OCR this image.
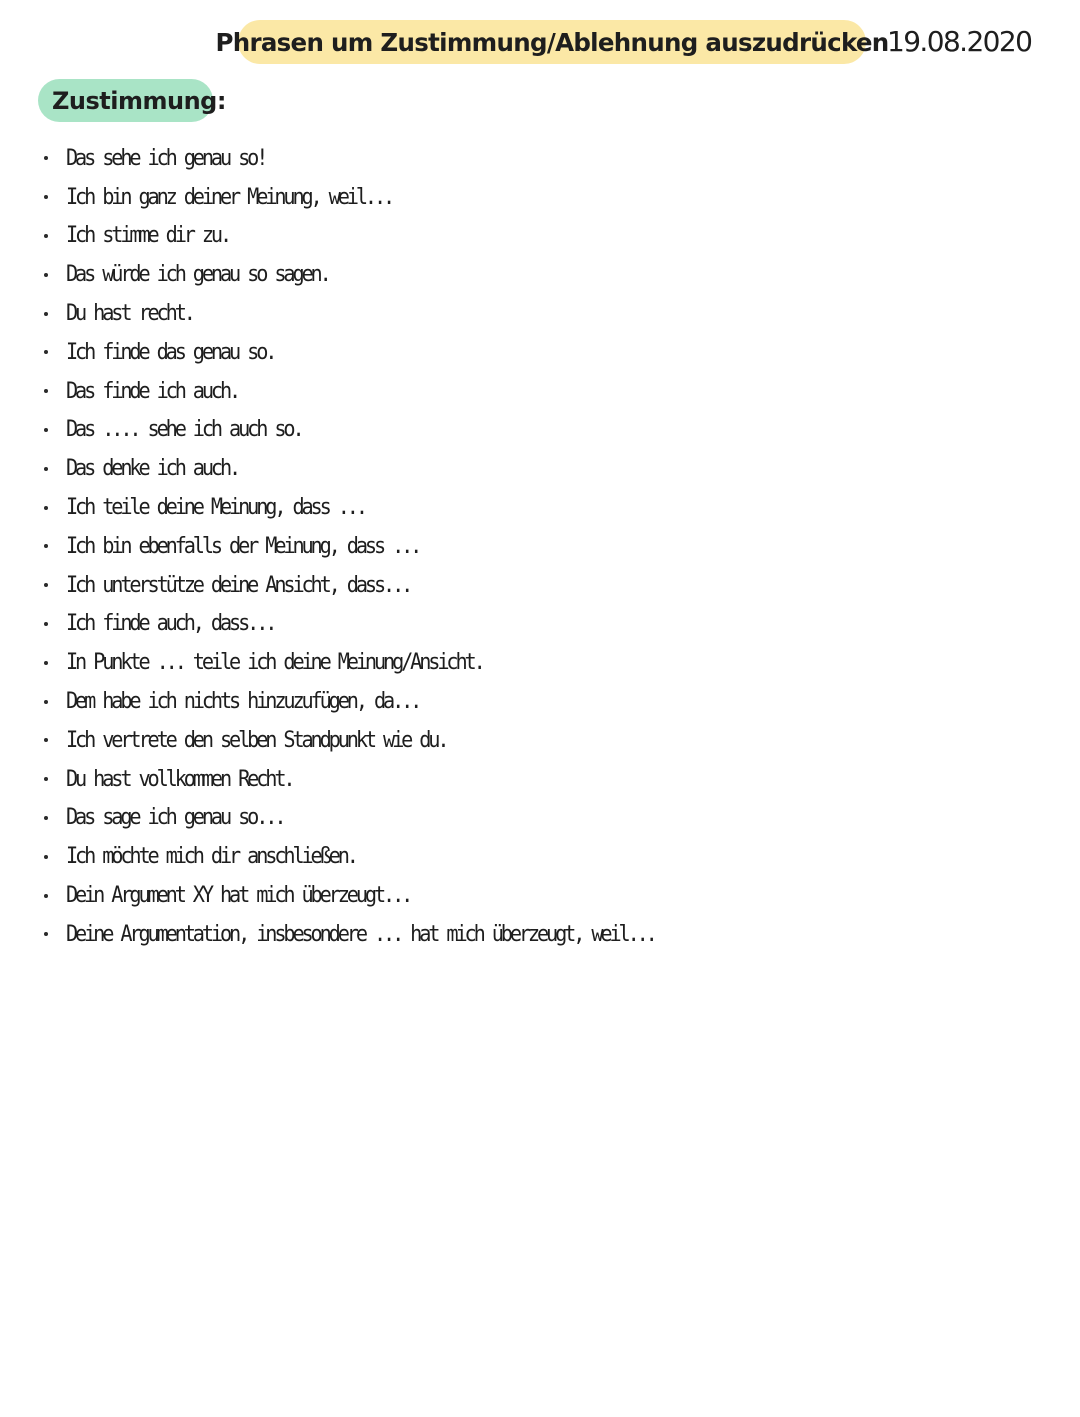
Phrasen um Zustimmung/Ablehnung auszudrücken
19.08.2020
Zustimmung:
Das sehe ich genau so!
Ich bin ganz deiner Meinung, weil...
Ich stimme dir zu.
Das würde ich genau so sagen.
Du hast recht.
Ich finde das genau so.
Das finde ich auch.
Das .... sehe ich auch so.
Das denke ich auch.
Ich teile deine Meinung, dass ...
Ich bin ebenfalls der Meinung, dass ...
Ich unterstütze deine Ansicht, dass...
Ich finde auch, dass...
In Punkte ... teile ich deine Meinung/Ansicht.
Dem habe ich nichts hinzuzufügen, da...
Ich vertrete den selben Standpunkt wie du.
Du hast vollkommen Recht.
Das sage ich genau so...
Ich möchte mich dir anschließen.
Dein Argument XY hat mich überzeugt...
Deine Argumentation, insbesondere ... hat mich überzeugt, weil...
